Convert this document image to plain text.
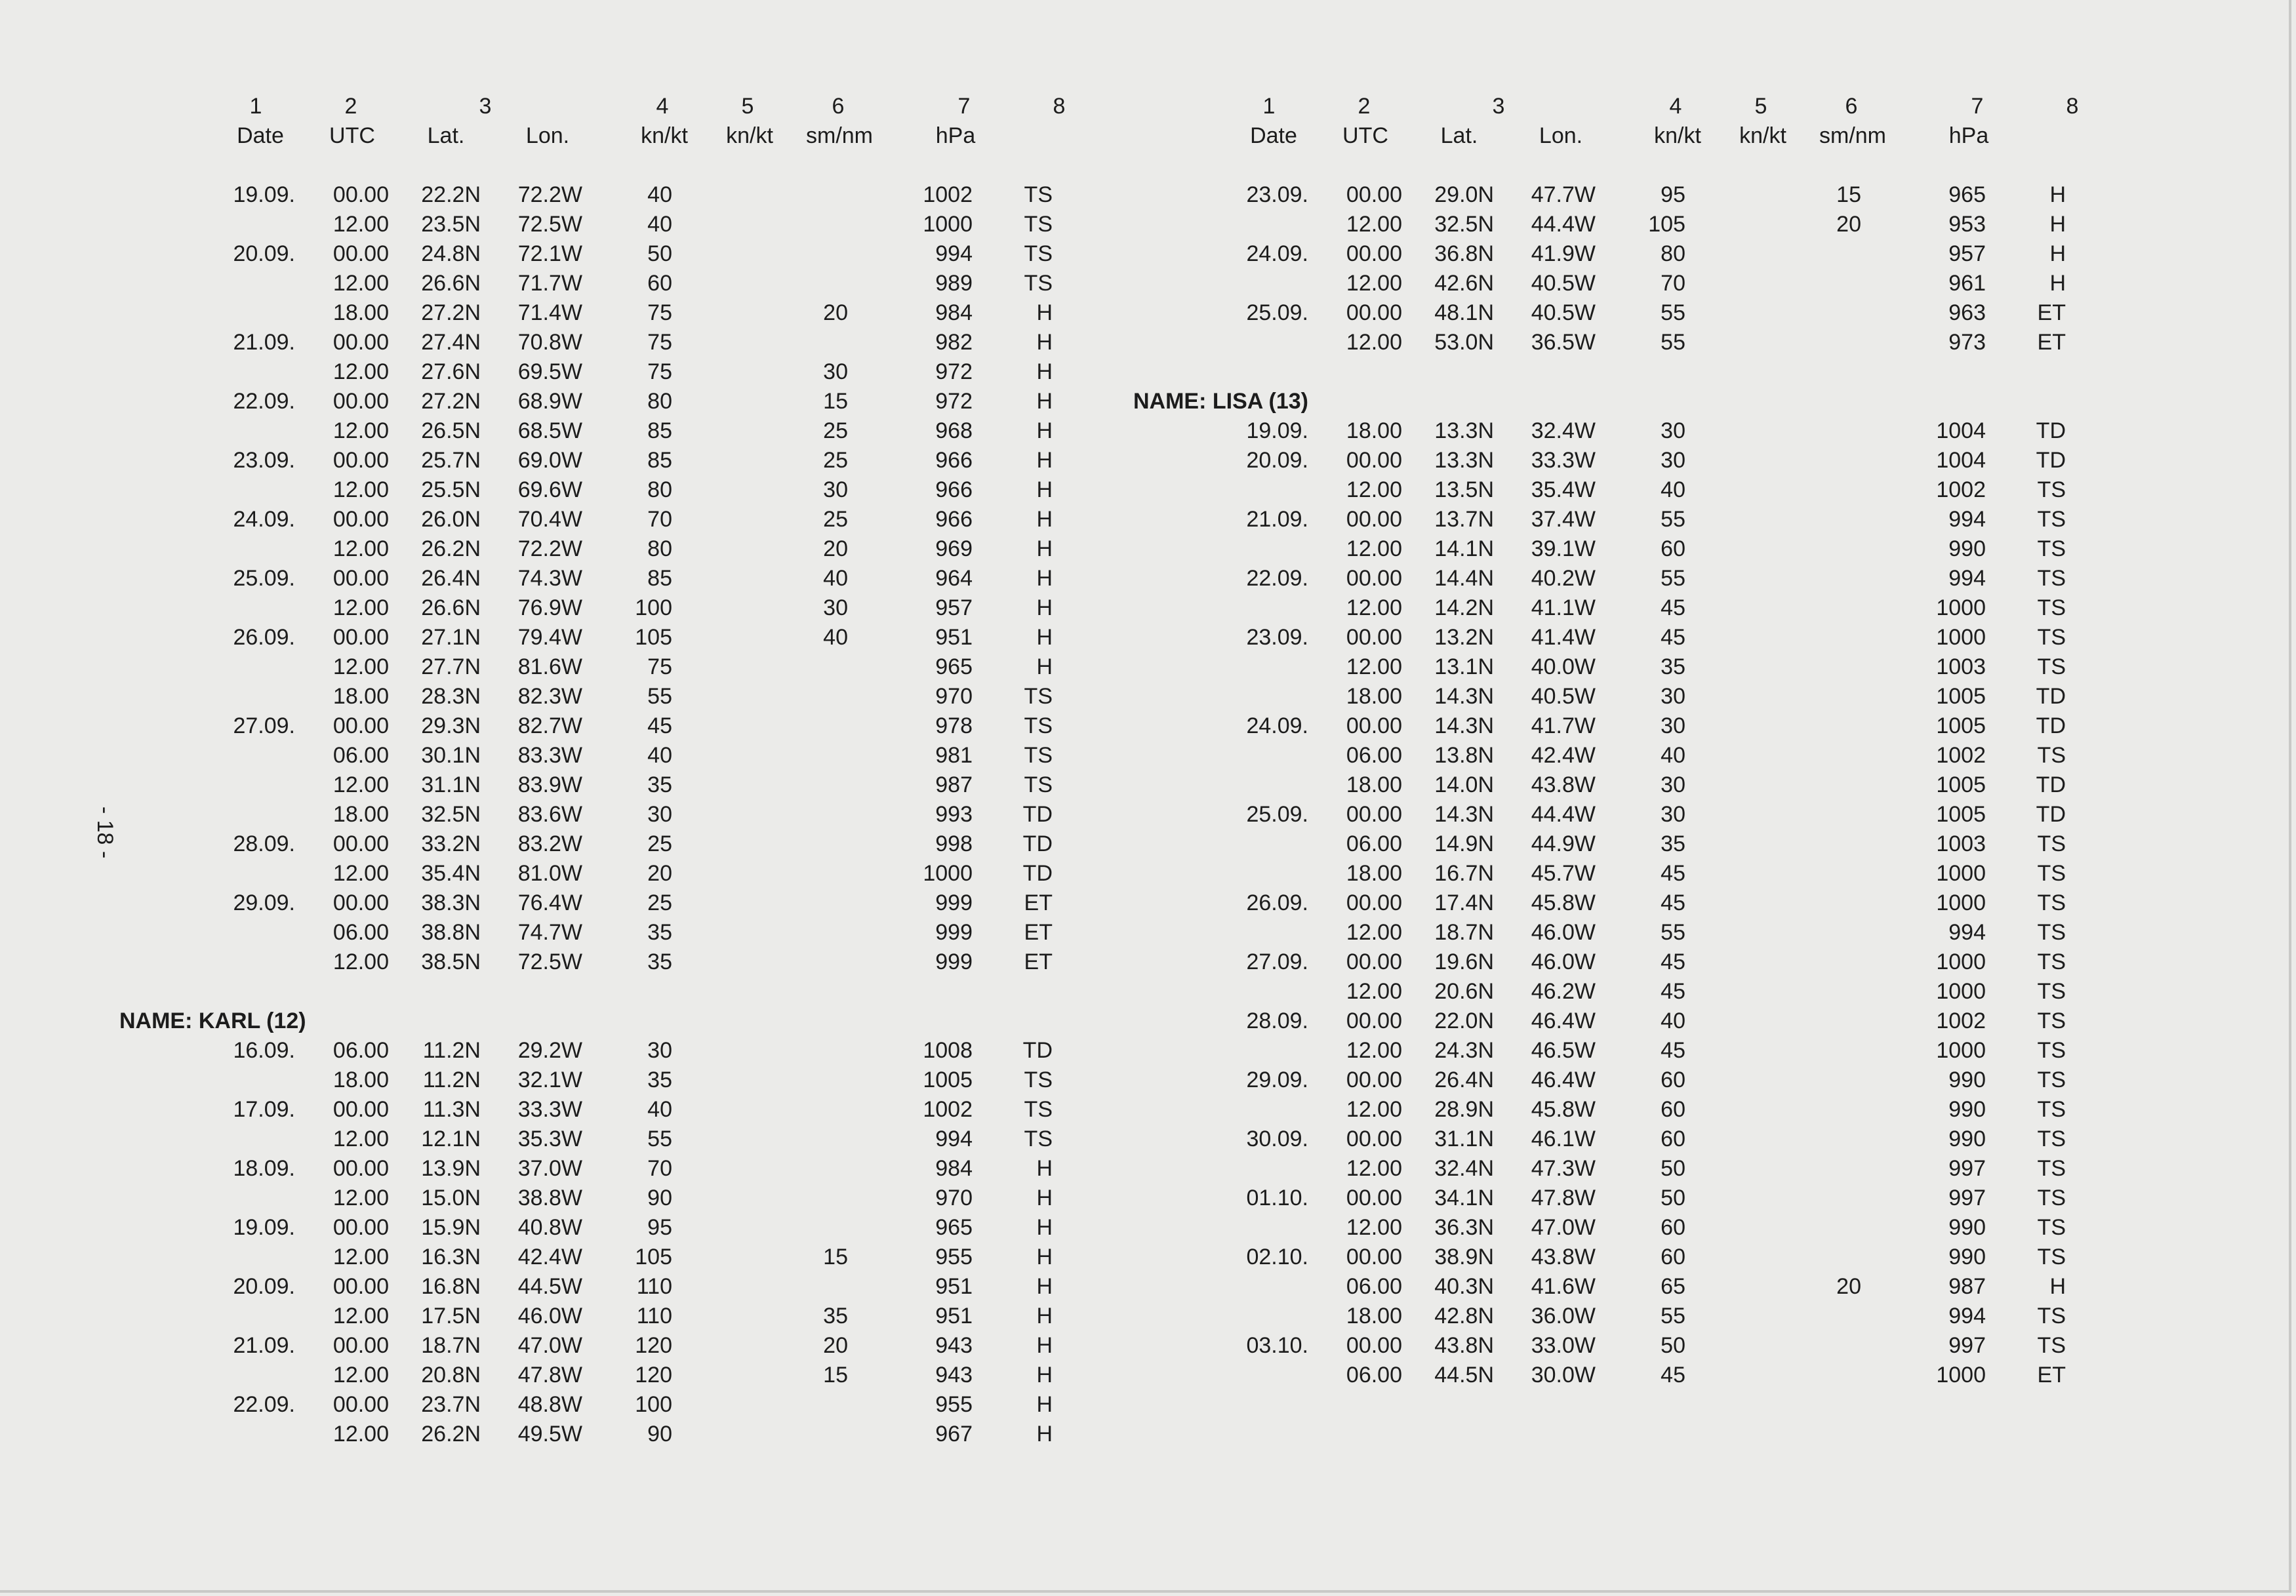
- 18 -
1	2	3	4	5	6	7	8
Date UTC Lat.	Lon.	kn/kt kn/kt sm/nm	hPa
19.09. 00.00 22.2N 72.2W	40	1002 TS
12.00 23.5N 72.5W	40	1000 TS
20.09. 00.00 24.8N 72.1W	50	994 TS
12.00 26.6N 71.7W	60	989 TS
18.00 27.2N 71.4W	75	20	984	H
21.09. 00.00 27.4N 70.8W	75	982	H
12.00 27.6N 69.5W	75	30	972	H
22.09. 00.00 27.2N 68.9W	80	15	972	H
12.00 26.5N 68.5W	85	25	968	H
23.09. 00.00 25.7N 69.0W	85	25	966	H
12.00 25.5N 69.6W	80	30	966	H
24.09. 00.00 26.0N 70.4W	70	25	966	H
12.00 26.2N 72.2W	80	20	969	H
25.09. 00.00 26.4N 74.3W	85	40	964	H
12.00 26.6N 76.9W 100	30	957	H
26.09. 00.00 27.1N 79.4W 105	40	951	H
12.00 27.7N 81.6W	75	965	H
18.00 28.3N 82.3W	55	970 TS
27.09. 00.00 29.3N 82.7W	45	978 TS
06.00 30.1N 83.3W	40	981 TS
12.00 31.1N 83.9W	35	987 TS
18.00 32.5N 83.6W	30	993 TD
28.09. 00.00 33.2N 83.2W	25	998 TD
12.00 35.4N 81.0W	20	1000 TD
29.09. 00.00 38.3N 76.4W	25	999 ET
06.00 38.8N 74.7W	35	999 ET
12.00 38.5N 72.5W	35	999 ET
NAME: KARL (12)
16.09. 06.00 11.2N 29.2W	30	1008 TD
18.00 11.2N 32.1W	35	1005 TS
17.09. 00.00 11.3N 33.3W	40	1002 TS
12.00 12.1N 35.3W	55	994 TS
18.09. 00.00 13.9N 37.0W	70	984	H
12.00 15.0N 38.8W	90	970	H
19.09. 00.00 15.9N 40.8W	95	965	H
12.00 16.3N 42.4W 105	15	955	H
20.09. 00.00 16.8N 44.5W 110	951	H
12.00 17.5N 46.0W 110	35	951	H
21.09. 00.00 18.7N 47.0W 120	20	943	H
12.00 20.8N 47.8W 120	15	943	H
22.09. 00.00 23.7N 48.8W 100	955	H
12.00 26.2N 49.5W	90	967	H
1	2	3	4	5	6	7	8
Date UTC Lat.	Lon.	kn/kt kn/kt sm/nm	hPa
23.09. 00.00 29.0N 47.7W	95	15	965	H
12.00 32.5N 44.4W 105	20	953	H
24.09. 00.00 36.8N 41.9W	80	957	H
12.00 42.6N 40.5W	70	961	H
25.09. 00.00 48.1N 40.5W	55	963 ET
12.00 53.0N 36.5W	55	973 ET
NAME: LISA (13)
19.09. 18.00 13.3N 32.4W	30	1004 TD
20.09. 00.00 13.3N 33.3W	30	1004 TD
12.00 13.5N 35.4W	40	1002 TS
21.09. 00.00 13.7N 37.4W	55	994 TS
12.00 14.1N 39.1W	60	990 TS
22.09. 00.00 14.4N 40.2W	55	994 TS
12.00 14.2N 41.1W	45	1000 TS
23.09. 00.00 13.2N 41.4W	45	1000 TS
12.00 13.1N 40.0W	35	1003 TS
18.00 14.3N 40.5W	30	1005 TD
24.09. 00.00 14.3N 41.7W	30	1005 TD
06.00 13.8N 42.4W	40	1002 TS
18.00 14.0N 43.8W	30	1005 TD
25.09. 00.00 14.3N 44.4W	30	1005 TD
06.00 14.9N 44.9W	35	1003 TS
18.00 16.7N 45.7W	45	1000 TS
26.09. 00.00 17.4N 45.8W	45	1000 TS
12.00 18.7N 46.0W	55	994 TS
27.09. 00.00 19.6N 46.0W	45	1000 TS
12.00 20.6N 46.2W	45	1000 TS
28.09. 00.00 22.0N 46.4W	40	1002 TS
12.00 24.3N 46.5W	45	1000 TS
29.09. 00.00 26.4N 46.4W	60	990 TS
12.00 28.9N 45.8W	60	990 TS
30.09. 00.00 31.1N 46.1W	60	990 TS
12.00 32.4N 47.3W	50	997 TS
01.10. 00.00 34.1N 47.8W	50	997 TS
12.00 36.3N 47.0W	60	990 TS
02.10. 00.00 38.9N 43.8W	60	990 TS
06.00 40.3N 41.6W	65	20	987	H
18.00 42.8N 36.0W	55	994 TS
03.10. 00.00 43.8N 33.0W	50	997 TS
06.00 44.5N 30.0W	45	1000 ET
